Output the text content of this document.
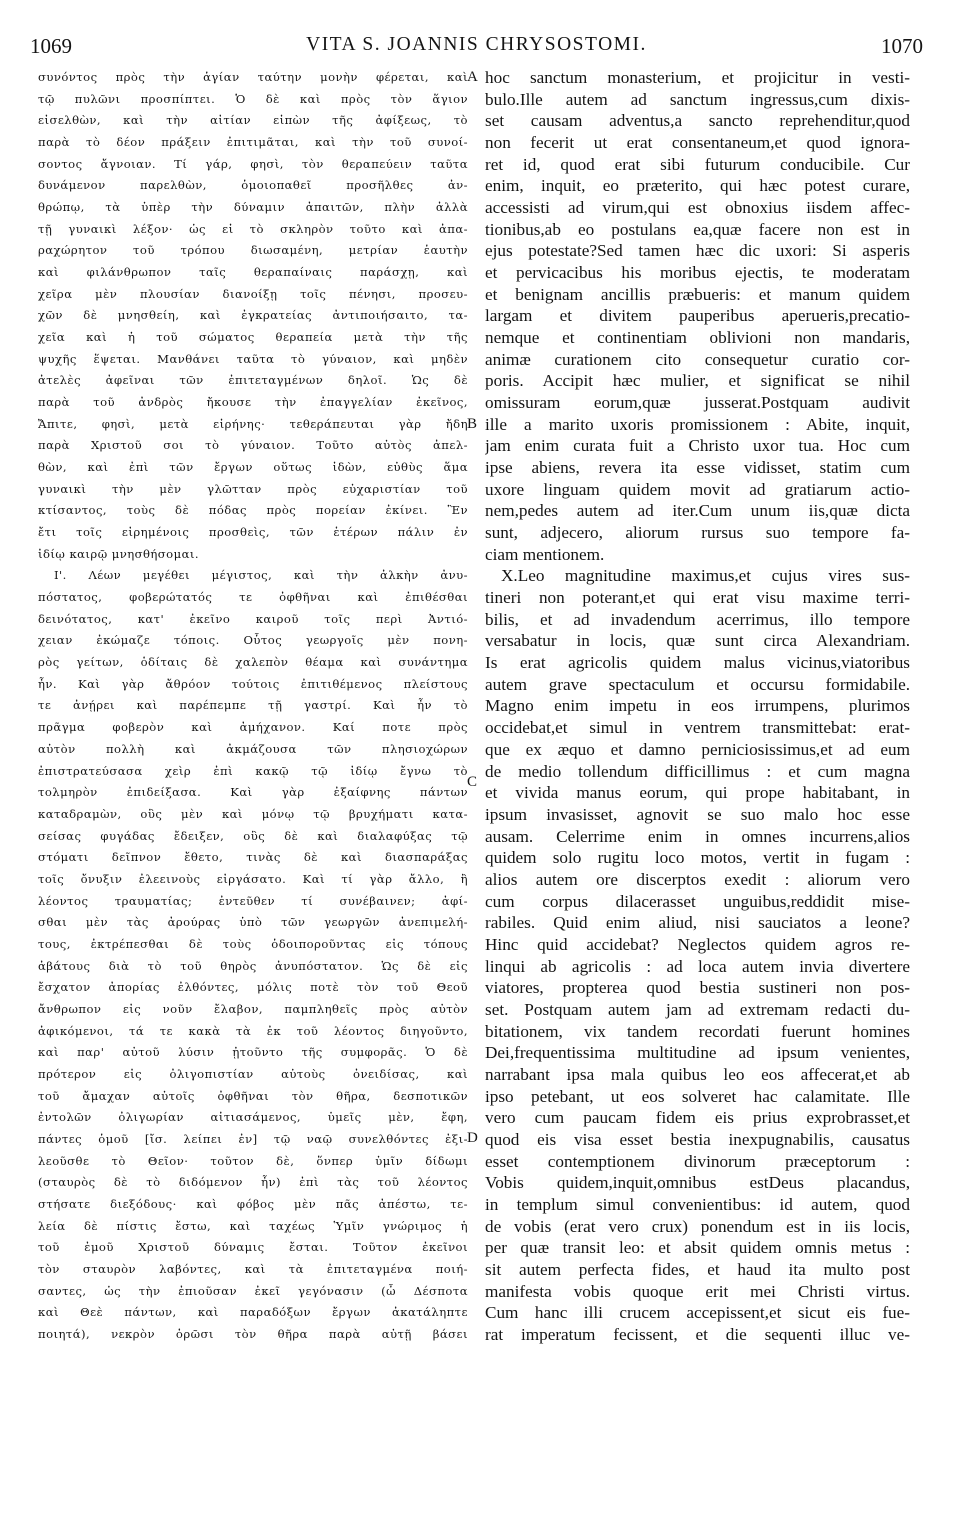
1069	VITA S. JOANNIS CHRYSOSTOMI.	1070
συνόντος πρὸς τὴν ἁγίαν ταύτην μονὴν φέρεται, καὶ
τῷ πυλῶνι προσπίπτει. Ὁ δὲ καὶ πρὸς τὸν ἅγιον
εἰσελθὼν, καὶ τὴν αἰτίαν εἰπὼν τῆς ἀφίξεως, τὸ
παρὰ τὸ δέον πράξειν ἐπιτιμᾶται, καὶ τὴν τοῦ συνοί-
σοντος ἄγνοιαν. Τί γάρ, φησὶ, τὸν θεραπεύειν ταῦτα
δυνάμενον παρελθὼν, ὁμοιοπαθεῖ προσῆλθες ἀν-
θρώπῳ, τὰ ὑπὲρ τὴν δύναμιν ἀπαιτῶν, πλὴν ἀλλὰ
τῇ γυναικὶ λέξον· ὡς εἰ τὸ σκληρὸν τοῦτο καὶ ἀπα-
ραχώρητον τοῦ τρόπου διωσαμένη, μετρίαν ἑαυτὴν
καὶ φιλάνθρωπον ταῖς θεραπαίναις παράσχῃ, καὶ
χεῖρα μὲν πλουσίαν διανοίξῃ τοῖς πένησι, προσευ-
χῶν δὲ μνησθείη, καὶ ἐγκρατείας ἀντιποιήσαιτο, τα-
χεῖα καὶ ἡ τοῦ σώματος θεραπεία μετὰ τὴν τῆς
ψυχῆς ἕψεται. Μανθάνει ταῦτα τὸ γύναιον, καὶ μηδὲν
ἀτελὲς ἀφεῖναι τῶν ἐπιτεταγμένων δηλοῖ. Ὡς δὲ
παρὰ τοῦ ἀνδρὸς ἤκουσε τὴν ἐπαγγελίαν ἐκεῖνος,
Ἄπιτε, φησὶ, μετὰ εἰρήνης· τεθεράπευται γὰρ ἤδη
παρὰ Χριστοῦ σοι τὸ γύναιον. Τοῦτο αὐτὸς ἀπελ-
θὼν, καὶ ἐπὶ τῶν ἔργων οὕτως ἰδὼν, εὐθὺς ἅμα
γυναικὶ τὴν μὲν γλῶτταν πρὸς εὐχαριστίαν τοῦ
κτίσαντος, τοὺς δὲ πόδας πρὸς πορείαν ἐκίνει. Ἓν
ἔτι τοῖς εἰρημένοις προσθεὶς, τῶν ἑτέρων πάλιν ἐν
ἰδίῳ καιρῷ μνησθήσομαι.
Ι'. Λέων μεγέθει μέγιστος, καὶ τὴν ἀλκὴν ἀνυ-
πόστατος, φοβερώτατός τε ὀφθῆναι καὶ ἐπιθέσθαι
δεινότατος, κατ' ἐκεῖνο καιροῦ τοῖς περὶ Ἀντιό-
χειαν ἐκώμαζε τόποις. Οὗτος γεωργοῖς μὲν πονη-
ρὸς γείτων, ὁδίταις δὲ χαλεπὸν θέαμα καὶ συνάντημα
ἦν. Καὶ γὰρ ἄθρόον τούτοις ἐπιτιθέμενος πλείστους
τε ἀνῄρει καὶ παρέπεμπε τῇ γαστρί. Καὶ ἦν τὸ
πρᾶγμα φοβερὸν καὶ ἀμήχανον. Καί ποτε πρὸς
αὐτὸν πολλὴ καὶ ἀκμάζουσα τῶν πλησιοχώρων
ἐπιστρατεύσασα χεὶρ ἐπὶ κακῷ τῷ ἰδίῳ ἔγνω τὸ
τολμηρὸν ἐπιδείξασα. Καὶ γὰρ ἐξαίφνης πάντων
καταδραμὼν, οὓς μὲν καὶ μόνῳ τῷ βρυχήματι κατα-
σείσας φυγάδας ἔδειξεν, οὓς δὲ καὶ διαλαφύξας τῷ
στόματι δεῖπνον ἔθετο, τινὰς δὲ καὶ διασπαράξας
τοῖς ὄνυξιν ἐλεεινοὺς εἰργάσατο. Καὶ τί γὰρ ἄλλο, ἢ
λέοντος τραυματίας; ἐντεῦθεν τί συνέβαινεν; ἀφί-
σθαι μὲν τὰς ἀρούρας ὑπὸ τῶν γεωργῶν ἀνεπιμελή-
τους, ἐκτρέπεσθαι δὲ τοὺς ὁδοιποροῦντας εἰς τόπους
ἀβάτους διὰ τὸ τοῦ θηρὸς ἀνυπόστατον. Ὡς δὲ εἰς
ἔσχατον ἀπορίας ἐλθόντες, μόλις ποτὲ τὸν τοῦ Θεοῦ
ἄνθρωπον εἰς νοῦν ἔλαβον, παμπληθεῖς πρὸς αὐτὸν
ἀφικόμενοι, τά τε κακὰ τὰ ἐκ τοῦ λέοντος διηγοῦντο,
καὶ παρ' αὐτοῦ λύσιν ᾐτοῦντο τῆς συμφορᾶς. Ὁ δὲ
πρότερον εἰς ὀλιγοπιστίαν αὐτοὺς ὀνειδίσας, καὶ
τοῦ ἄμαχαν αὐτοῖς ὀφθῆναι τὸν θῆρα, δεσποτικῶν
ἐντολῶν ὀλιγωρίαν αἰτιασάμενος, ὑμεῖς μὲν, ἔφη,
πάντες ὁμοῦ [ἴσ. λείπει ἐν] τῷ ναῷ συνελθόντες ἐξι-
λεοῦσθε τὸ Θεῖον· τοῦτον δὲ, ὅνπερ ὑμῖν δίδωμι
(σταυρὸς δὲ τὸ διδόμενον ἦν) ἐπὶ τὰς τοῦ λέοντος
στήσατε διεξόδους· καὶ φόβος μὲν πᾶς ἀπέστω, τε-
λεία δὲ πίστις ἔστω, καὶ ταχέως Ὑμῖν γνώριμος ἡ
τοῦ ἐμοῦ Χριστοῦ δύναμις ἔσται. Τοῦτον ἐκεῖνοι
τὸν σταυρὸν λαβόντες, καὶ τὰ ἐπιτεταγμένα ποιή-
σαντες, ὡς τὴν ἐπιοῦσαν ἐκεῖ γεγόνασιν (ὦ Δέσποτα
καὶ Θεὲ πάντων, καὶ παραδόξων ἔργων ἀκατάληπτε
ποιητά), νεκρὸν ὁρῶσι τὸν θῆρα παρὰ αὐτῇ βάσει
hoc sanctum monasterium, et projicitur in vesti-
bulo.Ille autem ad sanctum ingressus,cum dixis-
set causam adventus,a sancto reprehenditur,quod
non fecerit ut erat consentaneum,et quod ignora-
ret id, quod erat sibi futurum conducibile. Cur
enim, inquit, eo præterito, qui hæc potest curare,
accessisti ad virum,qui est obnoxius iisdem affec-
tionibus,ab eo postulans ea,quæ facere non est in
ejus potestate?Sed tamen hæc dic uxori: Si asperis
et pervicacibus his moribus ejectis, te moderatam
et benignam ancillis præbueris: et manum quidem
largam et divitem pauperibus aperueris,precatio-
nemque et continentiam oblivioni non mandaris,
animæ curationem cito consequetur curatio cor-
poris. Accipit hæc mulier, et significat se nihil
omissuram eorum,quæ jusserat.Postquam audivit
ille a marito uxoris promissionem : Abite, inquit,
jam enim curata fuit a Christo uxor tua. Hoc cum
ipse abiens, revera ita esse vidisset, statim cum
uxore linguam quidem movit ad gratiarum actio-
nem,pedes autem ad iter.Cum unum iis,quæ dicta
sunt, adjecero, aliorum rursus suo tempore fa-
ciam mentionem.
X.Leo magnitudine maximus,et cujus vires sus-
tineri non poterant,et qui erat visu maxime terri-
bilis, et ad invadendum acerrimus, illo tempore
versabatur in locis, quæ sunt circa Alexandriam.
Is erat agricolis quidem malus vicinus,viatoribus
autem grave spectaculum et occursu formidabile.
Magno enim impetu in eos irrumpens, plurimos
occidebat,et simul in ventrem transmittebat: erat-
que ex æquo et damno perniciosissimus,et ad eum
de medio tollendum difficillimus : et cum magna
et vivida manus eorum, qui prope habitabant, in
ipsum invasisset, agnovit se suo malo hoc esse
ausam. Celerrime enim in omnes incurrens,alios
quidem solo rugitu loco motos, vertit in fugam :
alios autem ore discerptos exedit : aliorum vero
cum corpus dilacerasset unguibus,reddidit mise-
rabiles. Quid enim aliud, nisi sauciatos a leone?
Hinc quid accidebat? Neglectos quidem agros re-
linqui ab agricolis : ad loca autem invia divertere
viatores, propterea quod bestia sustineri non pos-
set. Postquam autem jam ad extremam redacti du-
bitationem, vix tandem recordati fuerunt homines
Dei,frequentissima multitudine ad ipsum venientes,
narrabant ipsa mala quibus leo eos affecerat,et ab
ipso petebant, ut eos solveret hac calamitate. Ille
vero cum paucam fidem eis prius exprobrasset,et
quod eis visa esset bestia inexpugnabilis, causatus
esset contemptionem divinorum præceptorum :
Vobis quidem,inquit,omnibus estDeus placandus,
in templum simul convenientibus: id autem, quod
de vobis (erat vero crux) ponendum est in iis locis,
per quæ transit leo: et absit quidem omnis metus :
sit autem perfecta fides, et haud ita multo post
manifesta vobis quoque erit mei Christi virtus.
Cum hanc illi crucem accepissent,et sicut eis fue-
rat imperatum fecissent, et die sequenti illuc ve-
A
B
C
D
